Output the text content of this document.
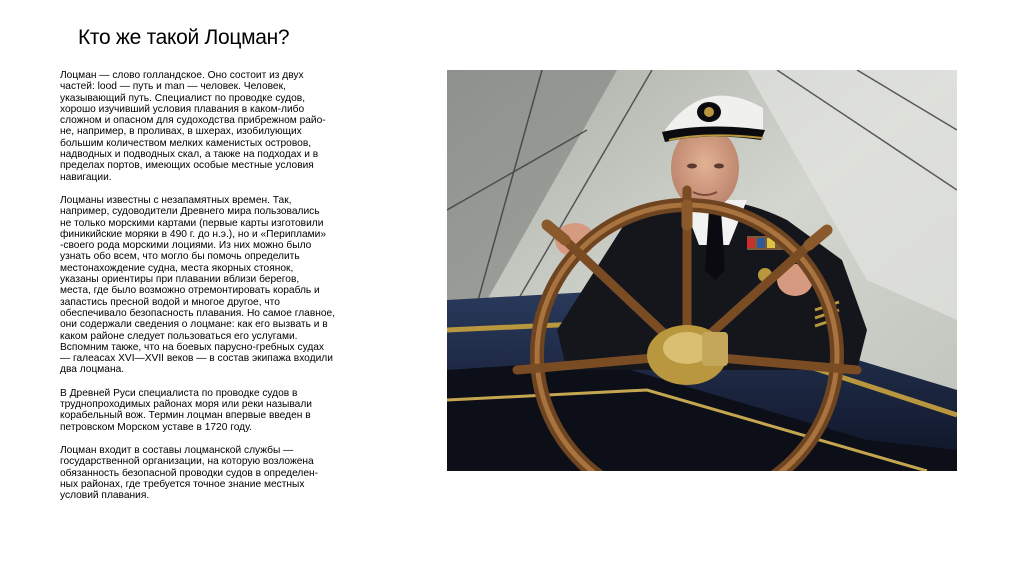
Кто же такой Лоцман?

Лоцман — слово голландское. Оно состоит из двух
частей: lood — путь и man — человек. Человек,
указывающий путь. Специалист по проводке судов,
хорошо изучивший условия плавания в каком-либо
сложном и опасном для судоходства прибрежном райо-
не, например, в проливах, в шхерах, изобилующих
большим количеством мелких каменистых островов,
надводных и подводных скал, а также на подходах и в
пределах портов, имеющих особые местные условия
навигации.

Лоцманы известны с незапамятных времен. Так,
например, судоводители Древнего мира пользовались
не только морскими картами (первые карты изготовили
финикийские моряки в 490 г. до н.э.), но и «Периплами»
-своего рода морскими лоциями. Из них можно было
узнать обо всем, что могло бы помочь определить
местонахождение судна, места якорных стоянок,
указаны ориентиры при плавании вблизи берегов,
места, где было возможно отремонтировать корабль и
запастись пресной водой и многое другое, что
обеспечивало безопасность плавания. Но самое главное,
они содержали сведения о лоцмане: как его вызвать и в
каком районе следует пользоваться его услугами.
Вспомним также, что на боевых парусно-гребных судах
— галеасах XVI—XVII веков — в состав экипажа входили
два лоцмана.

В Древней Руси специалиста по проводке судов в
труднопроходимых районах моря или реки называли
корабельный вож. Термин лоцман впервые введен в
петровском Морском уставе в 1720 году.

Лоцман входит в составы лоцманской службы —
государственной организации, на которую возложена
обязанность безопасной проводки судов в определен-
ных районах, где требуется точное знание местных
условий плавания.
